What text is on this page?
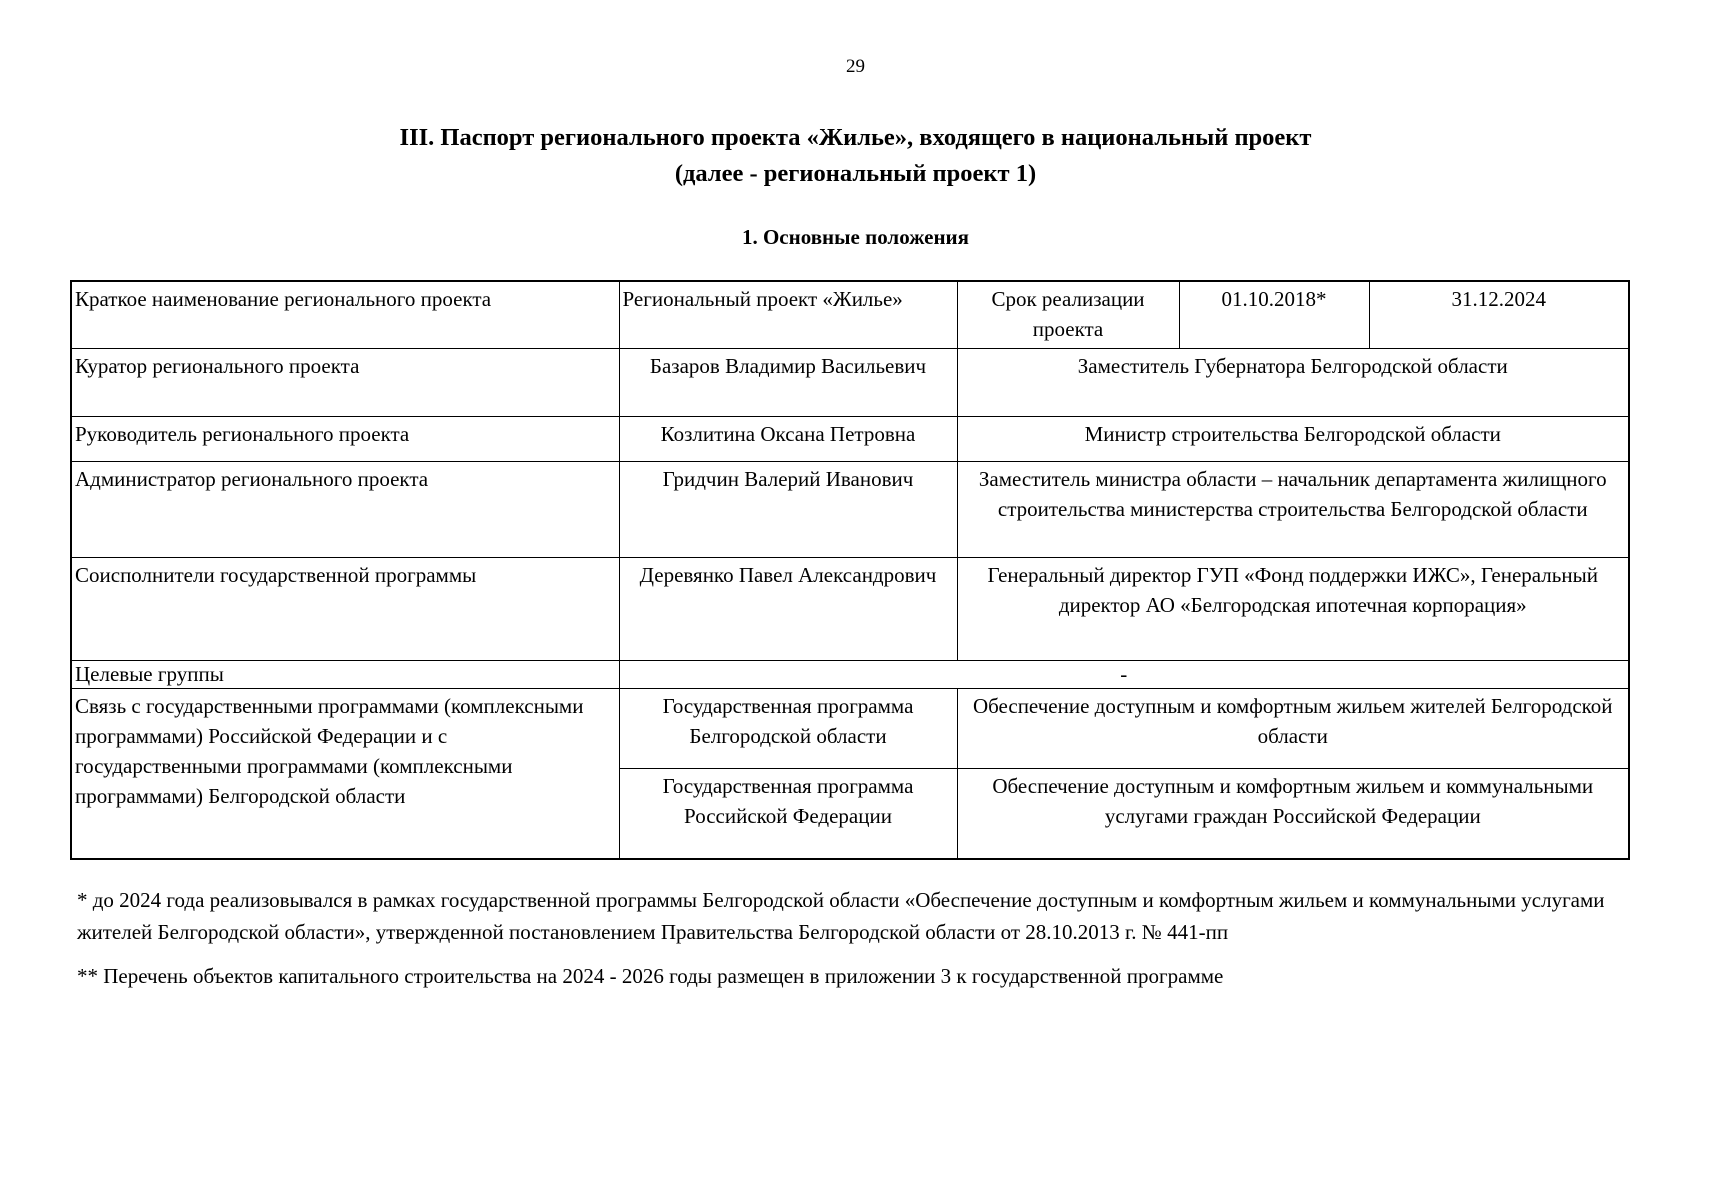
29
III. Паспорт регионального проекта «Жилье», входящего в национальный проект
(далее - региональный проект 1)
1. Основные положения
Краткое наименование регионального проекта	Региональный проект «Жилье»	Срок реализации проекта	01.10.2018*	31.12.2024
Куратор регионального проекта	Базаров Владимир Васильевич	Заместитель Губернатора Белгородской области		
Руководитель регионального проекта	Козлитина Оксана Петровна	Министр строительства Белгородской области		
Администратор регионального проекта	Гридчин Валерий Иванович	Заместитель министра области – начальник департамента жилищного строительства министерства строительства Белгородской области		
Соисполнители государственной программы	Деревянко Павел Александрович	Генеральный директор ГУП «Фонд поддержки ИЖС», Генеральный директор АО «Белгородская ипотечная корпорация»		
Целевые группы	-			
Связь с государственными программами (комплексными программами) Российской Федерации и с государственными программами (комплексными программами) Белгородской области	Государственная программа Белгородской области	Обеспечение доступным и комфортным жильем жителей Белгородской области		
	Государственная программа Российской Федерации	Обеспечение доступным и комфортным жильем и коммунальными услугами граждан Российской Федерации		

* до 2024 года реализовывался в рамках государственной программы Белгородской области «Обеспечение доступным и комфортным жильем и коммунальными услугами жителей Белгородской области», утвержденной постановлением Правительства Белгородской области от 28.10.2013 г. № 441-пп

** Перечень объектов капитального строительства на 2024 - 2026 годы размещен в приложении 3 к государственной программе
